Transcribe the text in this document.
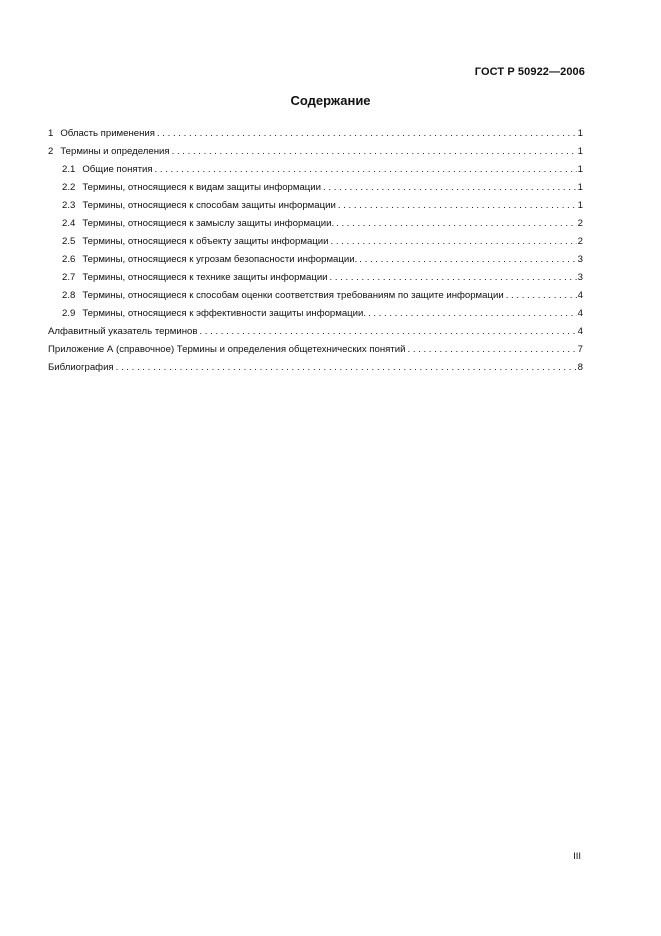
ГОСТ Р 50922—2006
Содержание
1 Область применения . . .	1
2 Термины и определения . . .	1
2.1 Общие понятия . . .	1
2.2 Термины, относящиеся к видам защиты информации . . .	1
2.3 Термины, относящиеся к способам защиты информации . . .	1
2.4 Термины, относящиеся к замыслу защиты информации. . . .	2
2.5 Термины, относящиеся к объекту защиты информации . . .	2
2.6 Термины, относящиеся к угрозам безопасности информации. . . .	3
2.7 Термины, относящиеся к технике защиты информации . . .	3
2.8 Термины, относящиеся к способам оценки соответствия требованиям по защите информации . . .	4
2.9 Термины, относящиеся к эффективности защиты информации. . . .	4
Алфавитный указатель терминов . . .	4
Приложение А (справочное) Термины и определения общетехнических понятий . . .	7
Библиография . . .	8
III
